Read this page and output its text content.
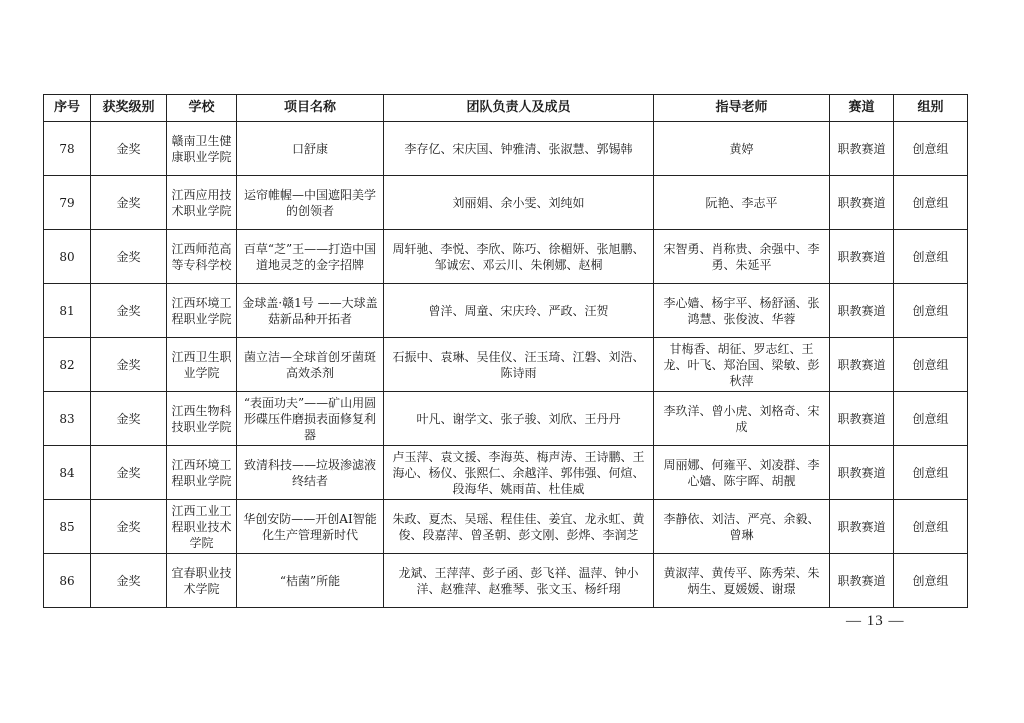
序号	获奖级别	学校	项目名称	团队负责人及成员	指导老师	赛道	组别
78	金奖	赣南卫生健康职业学院	口舒康	李存亿、宋庆国、钟雅清、张淑慧、郭锡韩	黄婷	职教赛道	创意组
79	金奖	江西应用技术职业学院	运帘帷幄—中国遮阳美学的创领者	刘丽娟、余小雯、刘纯如	阮艳、李志平	职教赛道	创意组
80	金奖	江西师范高等专科学校	百草“芝”王——打造中国道地灵芝的金字招牌	周轩驰、李悦、李欣、陈巧、徐楣妍、张旭鹏、邹诚宏、邓云川、朱俐娜、赵桐	宋智勇、肖称贵、余强中、李勇、朱延平	职教赛道	创意组
81	金奖	江西环境工程职业学院	金球盖·赣1号 ——大球盖菇新品种开拓者	曾洋、周童、宋庆玲、严政、汪贺	李心嫱、杨宇平、杨舒涵、张鸿慧、张俊波、华蓉	职教赛道	创意组
82	金奖	江西卫生职业学院	菌立洁—全球首创牙菌斑高效杀剂	石振中、袁琳、吴佳仪、汪玉琦、江磐、刘浩、陈诗雨	甘梅香、胡征、罗志红、王龙、叶飞、郑治国、梁敏、彭秋萍	职教赛道	创意组
83	金奖	江西生物科技职业学院	“表面功夫”——矿山用圆形碟压件磨损表面修复利器	叶凡、谢学文、张子骏、刘欣、王丹丹	李玖洋、曾小虎、刘格奇、宋成	职教赛道	创意组
84	金奖	江西环境工程职业学院	致清科技——垃圾渗滤液终结者	卢玉萍、袁文援、李海英、梅声涛、王诗鹏、王海心、杨仪、张熙仁、余越洋、郭伟强、何煊、段海华、姚雨苗、杜佳威	周丽娜、何雍平、刘凌群、李心嫱、陈宇晖、胡靓	职教赛道	创意组
85	金奖	江西工业工程职业技术学院	华创安防——开创AI智能化生产管理新时代	朱政、夏杰、吴瑶、程佳佳、姜宜、龙永虹、黄俊、段嘉萍、曾圣朝、彭文刚、彭烨、李润芝	李静依、刘洁、严亮、余毅、曾琳	职教赛道	创意组
86	金奖	宜春职业技术学院	“桔菌”所能	龙斌、王萍萍、彭子函、彭飞祥、温萍、钟小洋、赵雅萍、赵雅琴、张文玉、杨纤珝	黄淑萍、黄传平、陈秀荣、朱炳生、夏媛媛、谢璟	职教赛道	创意组
— 13 —
